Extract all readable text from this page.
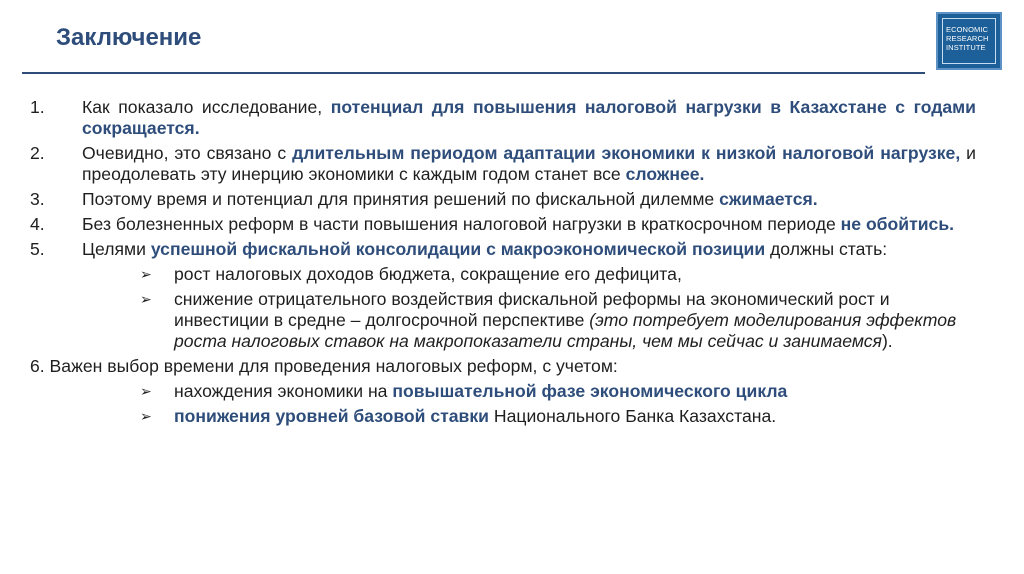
Заключение	ECONOMIC
RESEARCH
INSTITUTE
1. Как показало исследование, потенциал для повышения налоговой нагрузки в Казахстане с годами сокращается.
2. Очевидно, это связано с длительным периодом адаптации экономики к низкой налоговой нагрузке, и преодолевать эту инерцию экономики с каждым годом станет все сложнее.
3. Поэтому время и потенциал для принятия решений по фискальной дилемме сжимается.
4. Без болезненных реформ в части повышения налоговой нагрузки в краткосрочном периоде не обойтись.
5. Целями успешной фискальной консолидации с макроэкономической позиции должны стать:
➢ рост налоговых доходов бюджета, сокращение его дефицита,
➢ снижение отрицательного воздействия фискальной реформы на экономический рост и инвестиции в средне – долгосрочной перспективе (это потребует моделирования эффектов роста налоговых ставок на макропоказатели страны, чем мы сейчас и занимаемся).
6. Важен выбор времени для проведения налоговых реформ, с учетом:
➢ нахождения экономики на повышательной фазе экономического цикла
➢ понижения уровней базовой ставки Национального Банка Казахстана.
